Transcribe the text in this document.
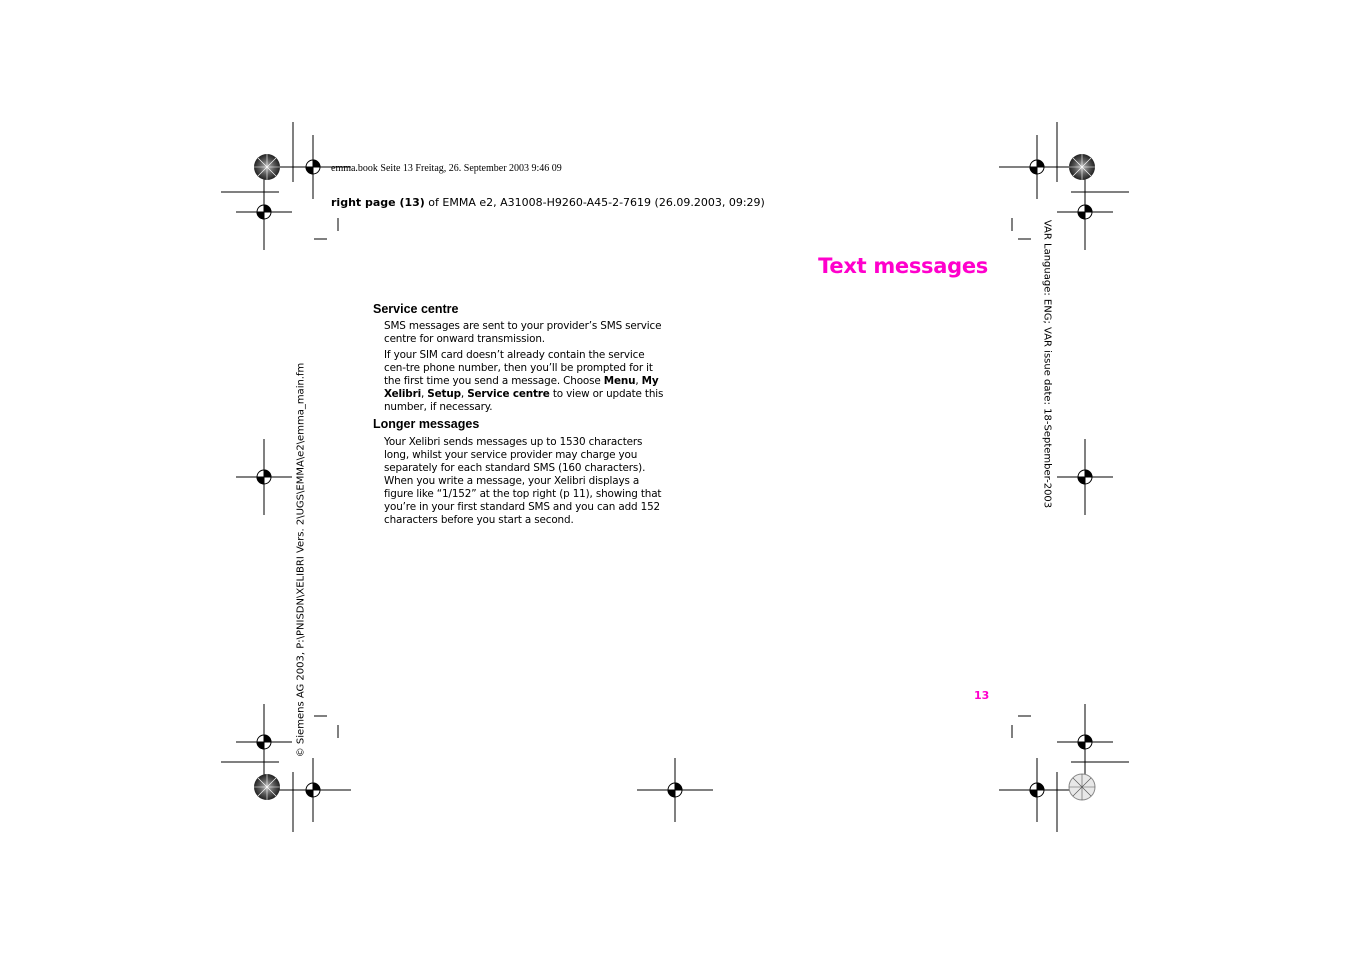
emma.book Seite 13 Freitag, 26. September 2003 9:46 09
right page (13) of EMMA e2, A31008-H9260-A45-2-7619 (26.09.2003, 09:29)
Text messages
Service centre
SMS messages are sent to your provider’s SMS service centre for onward transmission.
If your SIM card doesn’t already contain the service cen-tre phone number, then you’ll be prompted for it the first time you send a message. Choose Menu, My Xelibri, Setup, Service centre to view or update this number, if necessary.
Longer messages
Your Xelibri sends messages up to 1530 characters long, whilst your service provider may charge you separately for each standard SMS (160 characters). When you write a message, your Xelibri displays a figure like “1/152” at the top right (p 11), showing that you’re in your first standard SMS and you can add 152 characters before you start a second.
13
© Siemens AG 2003, P:\PNISDN\XELIBRI Vers. 2\UGS\EMMA\e2\emma_main.fm	VAR Language: ENG; VAR issue date: 18-September-2003
